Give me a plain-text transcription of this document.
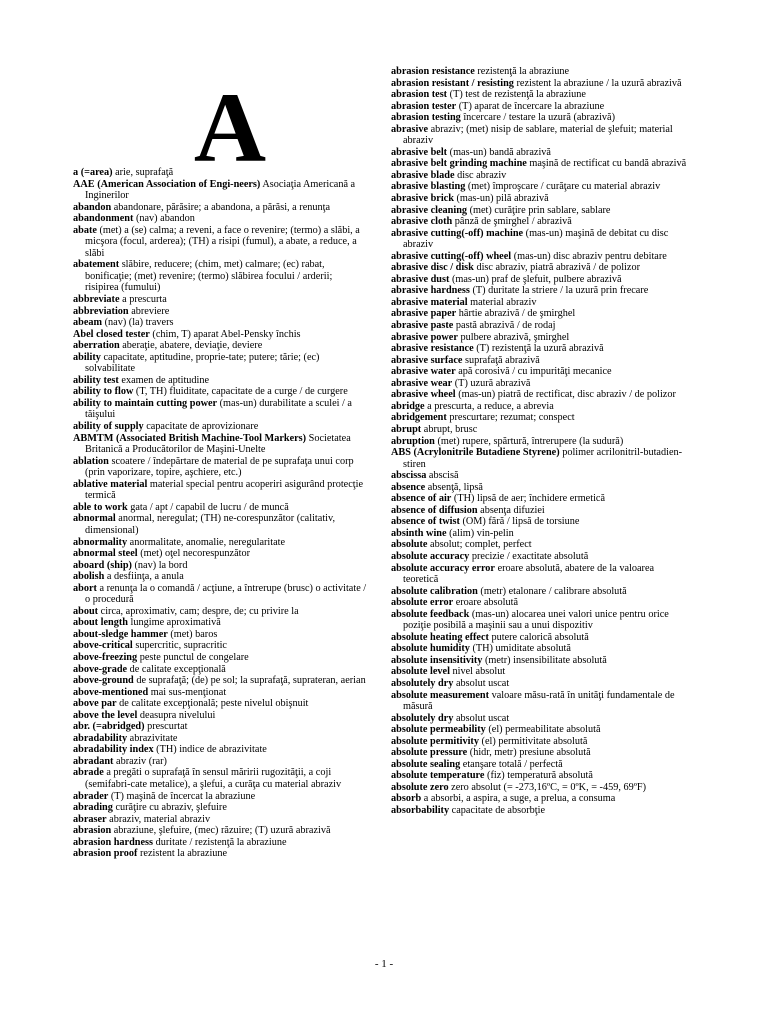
A
a (=area) arie, suprafaţă
AAE (American Association of Engi-neers) Asociaţia Americană a Inginerilor
abandon abandonare, părăsire; a abandona, a părăsi, a renunţa
abandonment (nav) abandon
abate (met) a (se) calma; a reveni, a face o revenire; (termo) a slăbi, a micşora (focul, arderea); (TH) a risipi (fumul), a abate, a reduce, a slăbi
abatement slăbire, reducere; (chim, met) calmare; (ec) rabat, bonificaţie; (met) revenire; (termo) slăbirea focului / arderii; risipirea (fumului)
abbreviate a prescurta
abbreviation abreviere
abeam (nav) (la) travers
Abel closed tester (chim, T) aparat Abel-Pensky închis
aberration aberaţie, abatere, deviaţie, deviere
ability capacitate, aptitudine, proprie-tate; putere; tărie; (ec) solvabilitate
ability test examen de aptitudine
ability to flow (T, TH) fluiditate, capacitate de a curge / de curgere
ability to maintain cutting power (mas-un) durabilitate a sculei / a tăişului
ability of supply capacitate de aprovizionare
ABMTM (Associated British Machine-Tool Markers) Societatea Britanică a Producătorilor de Maşini-Unelte
ablation scoatere / îndepărtare de material de pe suprafaţa unui corp (prin vaporizare, topire, aşchiere, etc.)
ablative material material special pentru acoperiri asigurând protecţie termică
able to work gata / apt / capabil de lucru / de muncă
abnormal anormal, neregulat; (TH) ne-corespunzător (calitativ, dimensional)
abnormality anormalitate, anomalie, neregularitate
abnormal steel (met) oţel necorespunzător
aboard (ship) (nav) la bord
abolish a desfiinţa, a anula
abort a renunţa la o comandă / acţiune, a întrerupe (brusc) o activitate / o procedură
about circa, aproximativ, cam; despre, de; cu privire la
about length lungime aproximativă
about-sledge hammer (met) baros
above-critical supercritic, supracritic
above-freezing peste punctul de congelare
above-grade de calitate excepţională
above-ground de suprafaţă; (de) pe sol; la suprafaţă, suprateran, aerian
above-mentioned mai sus-menţionat
above par de calitate excepţională; peste nivelul obişnuit
above the level deasupra nivelului
abr. (=abridged) prescurtat
abradability abrazivitate
abradability index (TH) indice de abrazivitate
abradant abraziv (rar)
abrade a pregăti o suprafaţă în sensul măririi rugozităţii, a coji (semifabri-cate metalice), a şlefui, a curăţa cu material abraziv
abrader (T) maşină de încercat la abraziune
abrading curăţire cu abraziv, şlefuire
abraser abraziv, material abraziv
abrasion abraziune, şlefuire, (mec) răzuire; (T) uzură abrazivă
abrasion hardness duritate / rezistenţă la abraziune
abrasion proof rezistent la abraziune
abrasion resistance rezistenţă la abraziune
abrasion resistant / resisting rezistent la abraziune / la uzură abrazivă
abrasion test (T) test de rezistenţă la abraziune
abrasion tester (T) aparat de încercare la abraziune
abrasion testing încercare / testare la uzură (abrazivă)
abrasive abraziv; (met) nisip de sablare, material de şlefuit; material abraziv
abrasive belt (mas-un) bandă abrazivă
abrasive belt grinding machine maşină de rectificat cu bandă abrazivă
abrasive blade disc abraziv
abrasive blasting (met) împroşcare / curăţare cu material abraziv
abrasive brick (mas-un) pilă abrazivă
abrasive cleaning (met) curăţire prin sablare, sablare
abrasive cloth pânză de şmirghel / abrazivă
abrasive cutting(-off) machine (mas-un) maşină de debitat cu disc abraziv
abrasive cutting(-off) wheel (mas-un) disc abraziv pentru debitare
abrasive disc / disk disc abraziv, piatră abrazivă / de polizor
abrasive dust (mas-un) praf de şlefuit, pulbere abrazivă
abrasive hardness (T) duritate la striere / la uzură prin frecare
abrasive material material abraziv
abrasive paper hârtie abrazivă / de şmirghel
abrasive paste pastă abrazivă / de rodaj
abrasive power pulbere abrazivă, şmirghel
abrasive resistance (T) rezistenţă la uzură abrazivă
abrasive surface suprafaţă abrazivă
abrasive water apă corosivă / cu impurităţi mecanice
abrasive wear (T) uzură abrazivă
abrasive wheel (mas-un) piatră de rectificat, disc abraziv / de polizor
abridge a prescurta, a reduce, a abrevia
abridgement prescurtare; rezumat; conspect
abrupt abrupt, brusc
abruption (met) rupere, spărtură, întrerupere (la sudură)
ABS (Acrylonitrile Butadiene Styrene) polimer acrilonitril-butadien-stiren
abscissa abscisă
absence absenţă, lipsă
absence of air (TH) lipsă de aer; închidere ermetică
absence of diffusion absenţa difuziei
absence of twist (OM) fără / lipsă de torsiune
absinth wine (alim) vin-pelin
absolute absolut; complet, perfect
absolute accuracy precizie / exactitate absolută
absolute accuracy error eroare absolută, abatere de la valoarea teoretică
absolute calibration (metr) etalonare / calibrare absolută
absolute error eroare absolută
absolute feedback (mas-un) alocarea unei valori unice pentru orice poziţie posibilă a maşinii sau a unui dispozitiv
absolute heating effect putere calorică absolută
absolute humidity (TH) umiditate absolută
absolute insensitivity (metr) insensibilitate absolută
absolute level nivel absolut
absolutely dry absolut uscat
absolute measurement valoare măsu-rată în unităţi fundamentale de măsură
absolutely dry absolut uscat
absolute permeability (el) permeabilitate absolută
absolute permitivity (el) permitivitate absolută
absolute pressure (hidr, metr) presiune absolută
absolute sealing etanşare totală / perfectă
absolute temperature (fiz) temperatură absolută
absolute zero zero absolut (= -273,16ºC, = 0ºK, = -459, 69ºF)
absorb a absorbi, a aspira, a suge, a prelua, a consuma
absorbability capacitate de absorbţie
- 1 -
